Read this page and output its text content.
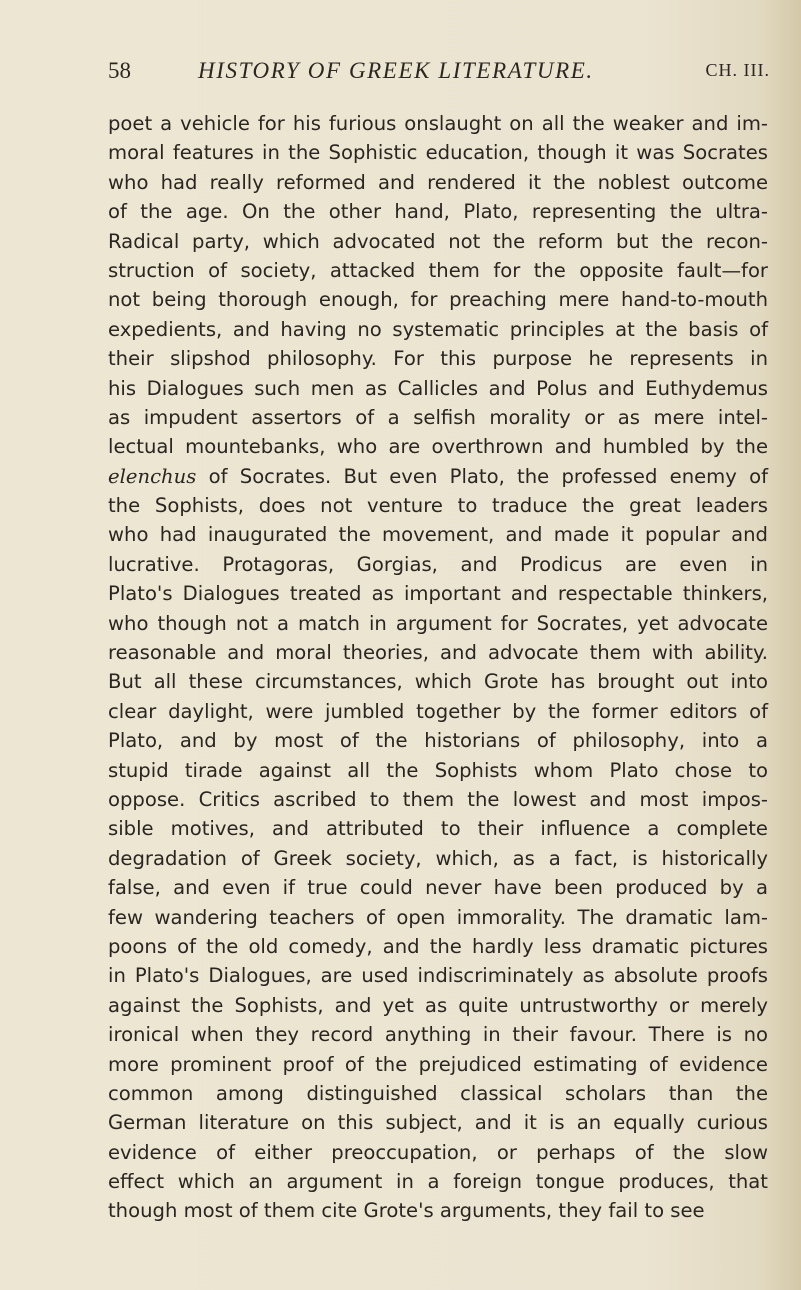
58	HISTORY OF GREEK LITERATURE.	CH. III.
poet a vehicle for his furious onslaught on all the weaker and im-
moral features in the Sophistic education, though it was Socrates
who had really reformed and rendered it the noblest outcome
of the age. On the other hand, Plato, representing the ultra-
Radical party, which advocated not the reform but the recon-
struction of society, attacked them for the opposite fault—for
not being thorough enough, for preaching mere hand-to-mouth
expedients, and having no systematic principles at the basis of
their slipshod philosophy. For this purpose he represents in
his Dialogues such men as Callicles and Polus and Euthydemus
as impudent assertors of a selfish morality or as mere intel-
lectual mountebanks, who are overthrown and humbled by the
elenchus of Socrates. But even Plato, the professed enemy of
the Sophists, does not venture to traduce the great leaders
who had inaugurated the movement, and made it popular and
lucrative. Protagoras, Gorgias, and Prodicus are even in
Plato's Dialogues treated as important and respectable thinkers,
who though not a match in argument for Socrates, yet advocate
reasonable and moral theories, and advocate them with ability.
But all these circumstances, which Grote has brought out into
clear daylight, were jumbled together by the former editors of
Plato, and by most of the historians of philosophy, into a
stupid tirade against all the Sophists whom Plato chose to
oppose. Critics ascribed to them the lowest and most impos-
sible motives, and attributed to their influence a complete
degradation of Greek society, which, as a fact, is historically
false, and even if true could never have been produced by a
few wandering teachers of open immorality. The dramatic lam-
poons of the old comedy, and the hardly less dramatic pictures
in Plato's Dialogues, are used indiscriminately as absolute proofs
against the Sophists, and yet as quite untrustworthy or merely
ironical when they record anything in their favour. There is no
more prominent proof of the prejudiced estimating of evidence
common among distinguished classical scholars than the
German literature on this subject, and it is an equally curious
evidence of either preoccupation, or perhaps of the slow
effect which an argument in a foreign tongue produces, that
though most of them cite Grote's arguments, they fail to see
